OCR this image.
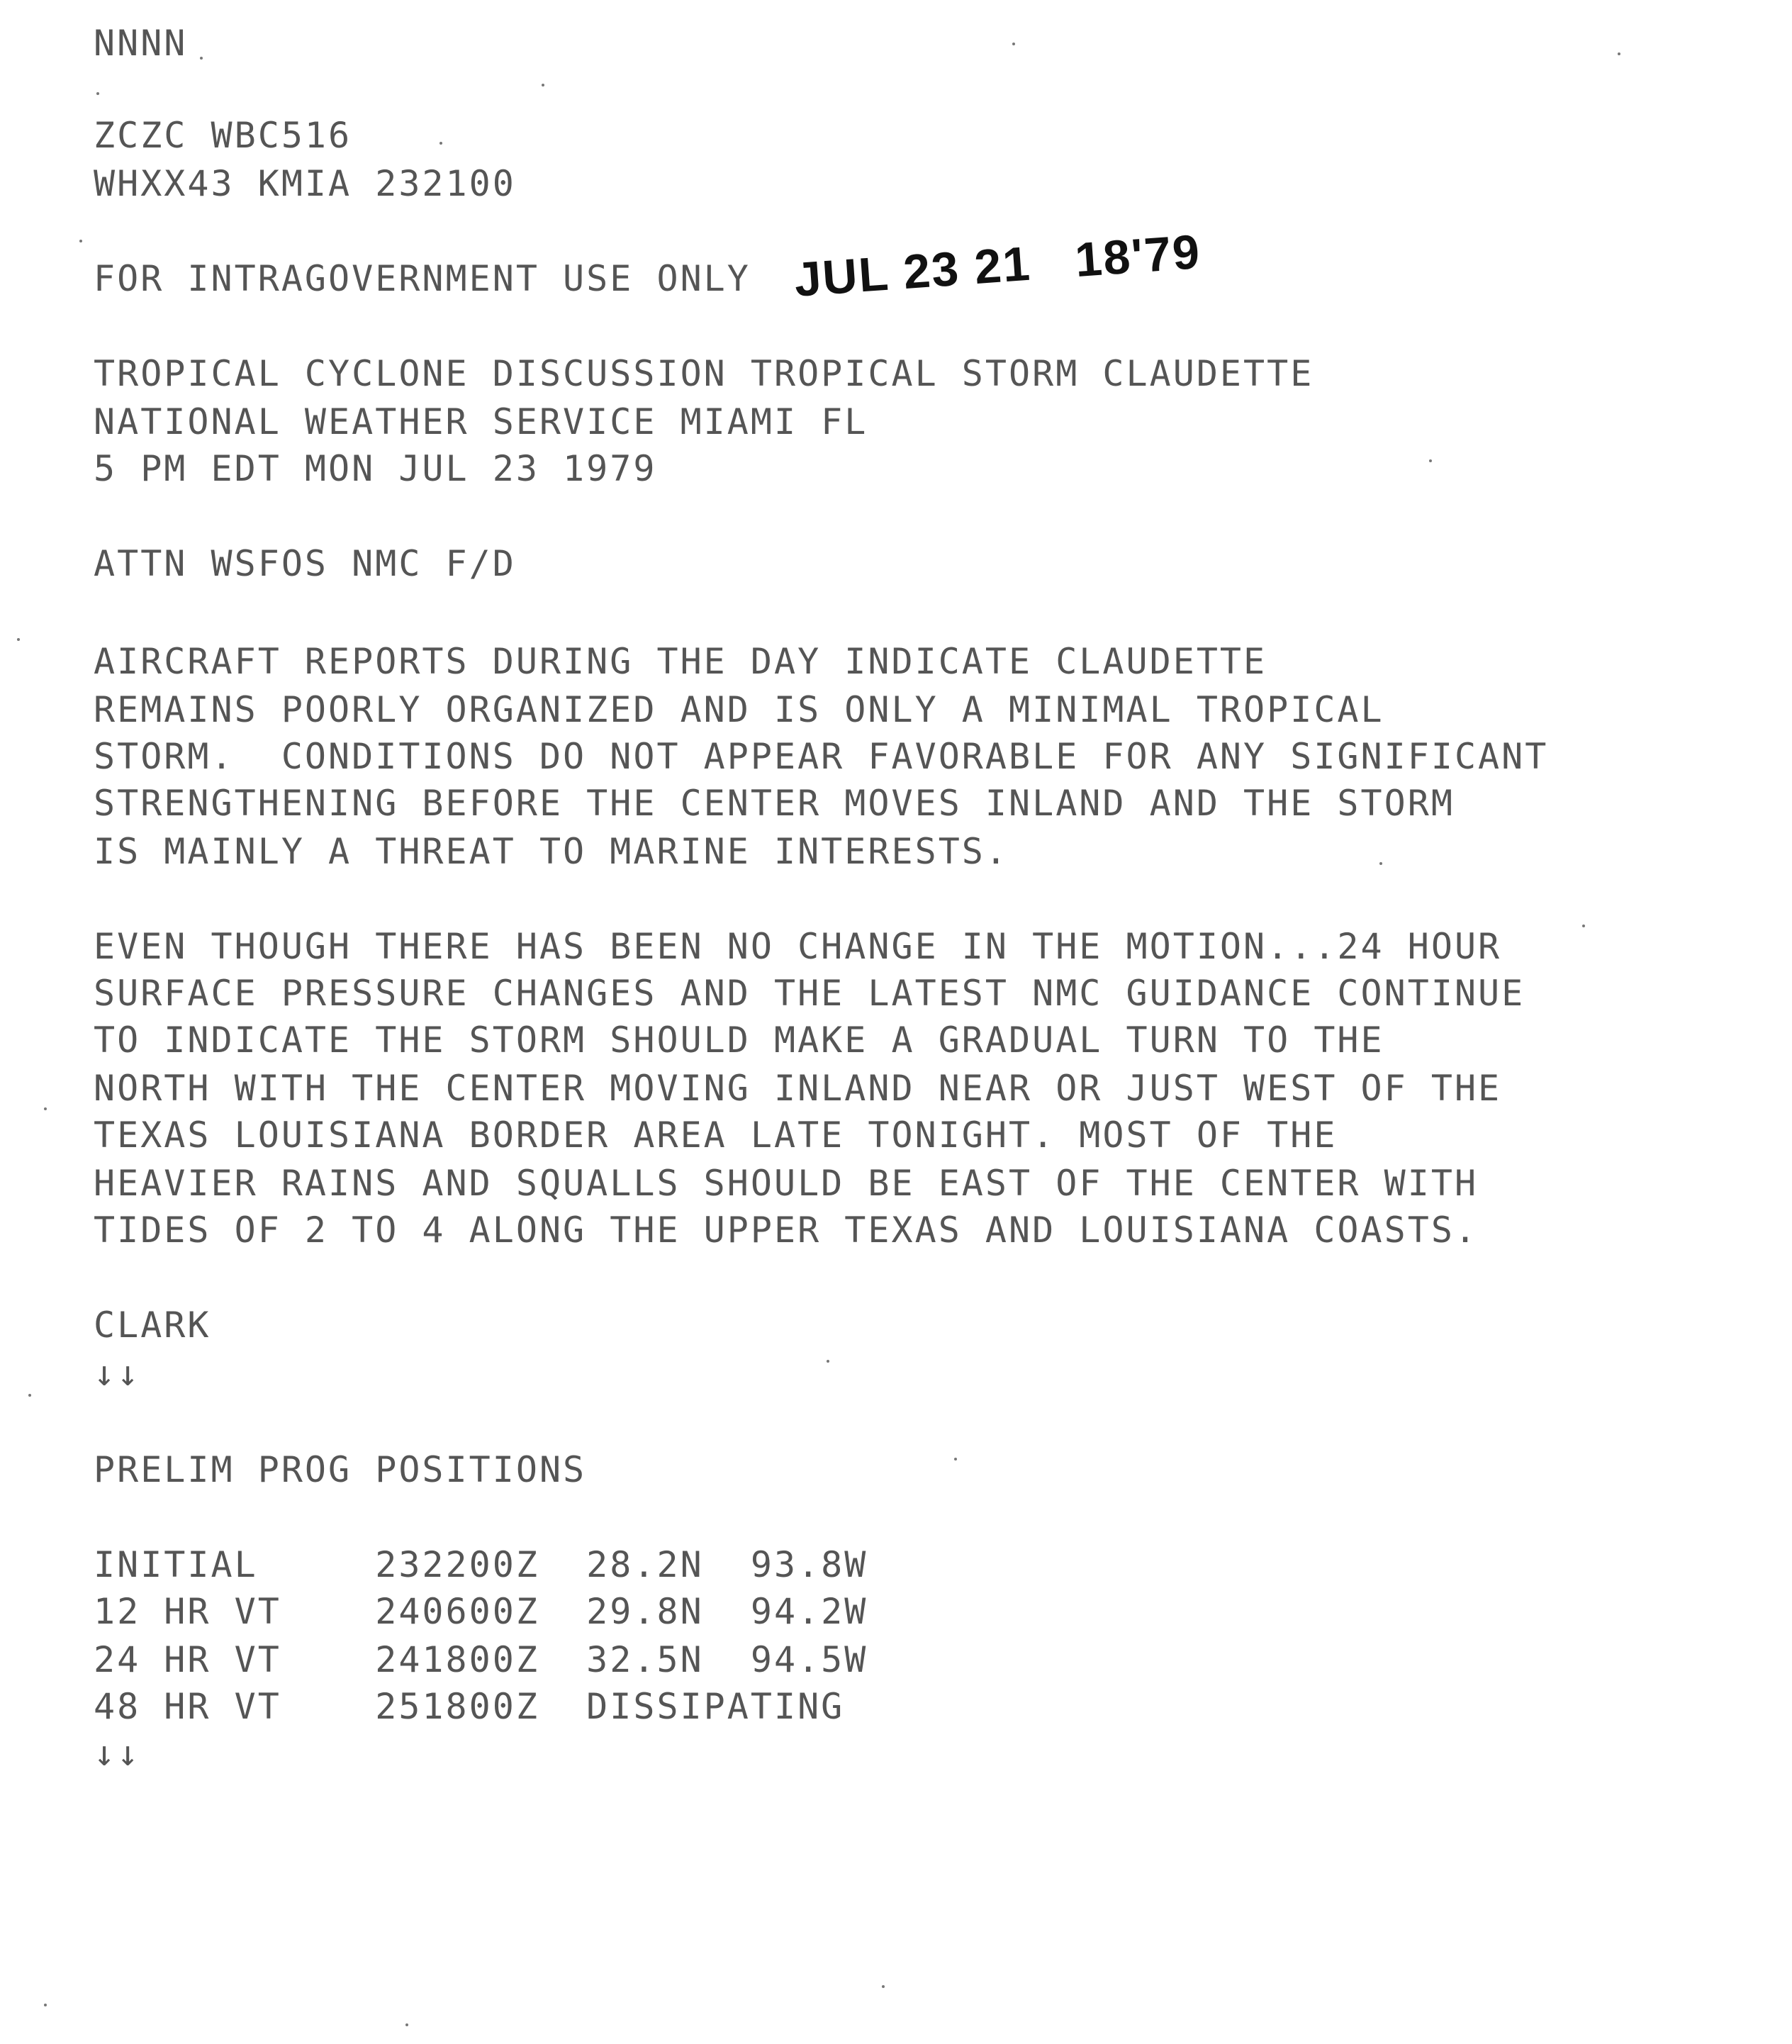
NNNN
ZCZC WBC516
WHXX43 KMIA 232100
FOR INTRAGOVERNMENT USE ONLY JUL 23 21   18'79
TROPICAL CYCLONE DISCUSSION TROPICAL STORM CLAUDETTE
NATIONAL WEATHER SERVICE MIAMI FL
5 PM EDT MON JUL 23 1979
ATTN WSFOS NMC F/D
AIRCRAFT REPORTS DURING THE DAY INDICATE CLAUDETTE
REMAINS POORLY ORGANIZED AND IS ONLY A MINIMAL TROPICAL
STORM.  CONDITIONS DO NOT APPEAR FAVORABLE FOR ANY SIGNIFICANT
STRENGTHENING BEFORE THE CENTER MOVES INLAND AND THE STORM
IS MAINLY A THREAT TO MARINE INTERESTS.
EVEN THOUGH THERE HAS BEEN NO CHANGE IN THE MOTION...24 HOUR
SURFACE PRESSURE CHANGES AND THE LATEST NMC GUIDANCE CONTINUE
TO INDICATE THE STORM SHOULD MAKE A GRADUAL TURN TO THE
NORTH WITH THE CENTER MOVING INLAND NEAR OR JUST WEST OF THE
TEXAS LOUISIANA BORDER AREA LATE TONIGHT. MOST OF THE
HEAVIER RAINS AND SQUALLS SHOULD BE EAST OF THE CENTER WITH
TIDES OF 2 TO 4 ALONG THE UPPER TEXAS AND LOUISIANA COASTS.
CLARK
↓↓
PRELIM PROG POSITIONS
INITIAL     232200Z  28.2N  93.8W
12 HR VT    240600Z  29.8N  94.2W
24 HR VT    241800Z  32.5N  94.5W
48 HR VT    251800Z  DISSIPATING
↓↓
